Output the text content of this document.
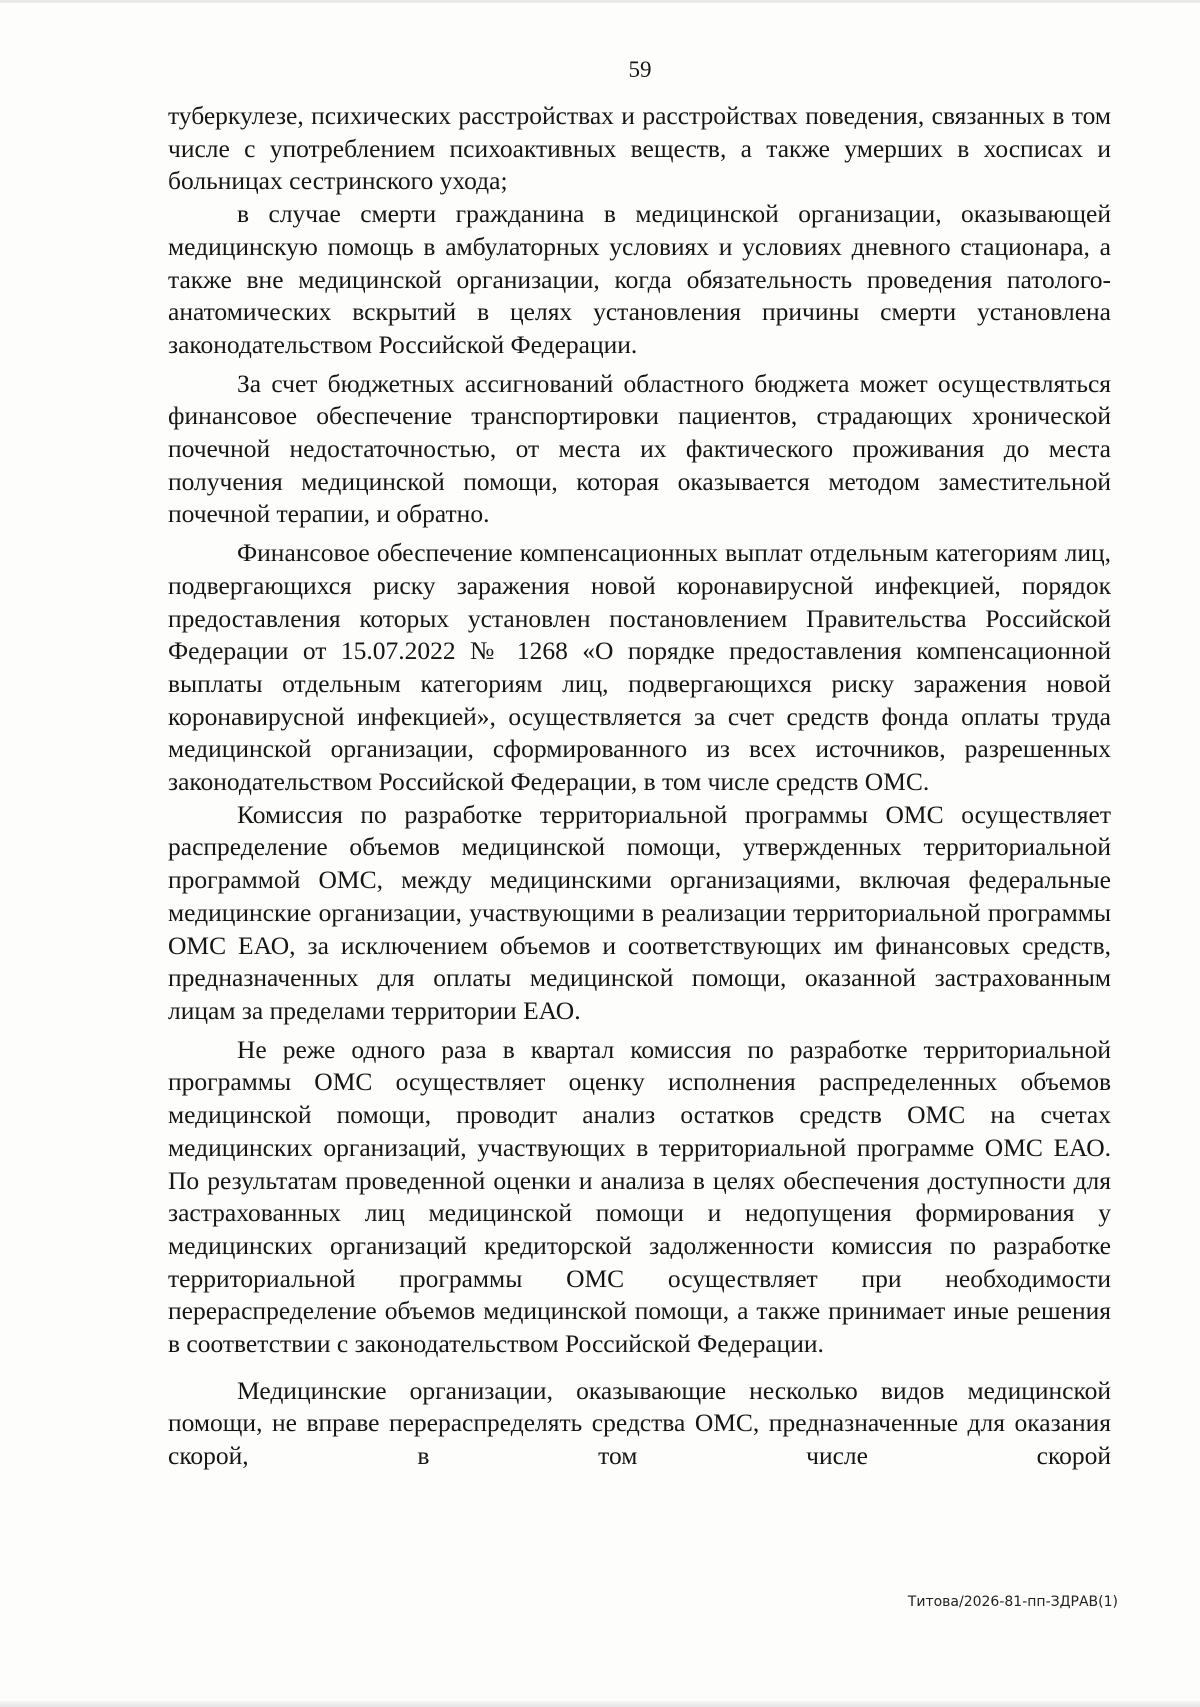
59

туберкулезе, психических расстройствах и расстройствах поведения, связанных в том числе с употреблением психоактивных веществ, а также умерших в хосписах и больницах сестринского ухода;

в случае смерти гражданина в медицинской организации, оказывающей медицинскую помощь в амбулаторных условиях и условиях дневного стационара, а также вне медицинской организации, когда обязательность проведения патолого-анатомических вскрытий в целях установления причины смерти установлена законодательством Российской Федерации.

За счет бюджетных ассигнований областного бюджета может осуществляться финансовое обеспечение транспортировки пациентов, страдающих хронической почечной недостаточностью, от места их фактического проживания до места получения медицинской помощи, которая оказывается методом заместительной почечной терапии, и обратно.

Финансовое обеспечение компенсационных выплат отдельным категориям лиц, подвергающихся риску заражения новой коронавирусной инфекцией, порядок предоставления которых установлен постановлением Правительства Российской Федерации от 15.07.2022 № 1268 «О порядке предоставления компенсационной выплаты отдельным категориям лиц, подвергающихся риску заражения новой коронавирусной инфекцией», осуществляется за счет средств фонда оплаты труда медицинской организации, сформированного из всех источников, разрешенных законодательством Российской Федерации, в том числе средств ОМС.

Комиссия по разработке территориальной программы ОМС осуществляет распределение объемов медицинской помощи, утвержденных территориальной программой ОМС, между медицинскими организациями, включая федеральные медицинские организации, участвующими в реализации территориальной программы ОМС ЕАО, за исключением объемов и соответствующих им финансовых средств, предназначенных для оплаты медицинской помощи, оказанной застрахованным лицам за пределами территории ЕАО.

Не реже одного раза в квартал комиссия по разработке территориальной программы ОМС осуществляет оценку исполнения распределенных объемов медицинской помощи, проводит анализ остатков средств ОМС на счетах медицинских организаций, участвующих в территориальной программе ОМС ЕАО. По результатам проведенной оценки и анализа в целях обеспечения доступности для застрахованных лиц медицинской помощи и недопущения формирования у медицинских организаций кредиторской задолженности комиссия по разработке территориальной программы ОМС осуществляет при необходимости перераспределение объемов медицинской помощи, а также принимает иные решения в соответствии с законодательством Российской Федерации.

Медицинские организации, оказывающие несколько видов медицинской помощи, не вправе перераспределять средства ОМС, предназначенные для оказания скорой, в том числе скорой

Титова/2026-81-пп-ЗДРАВ(1)
